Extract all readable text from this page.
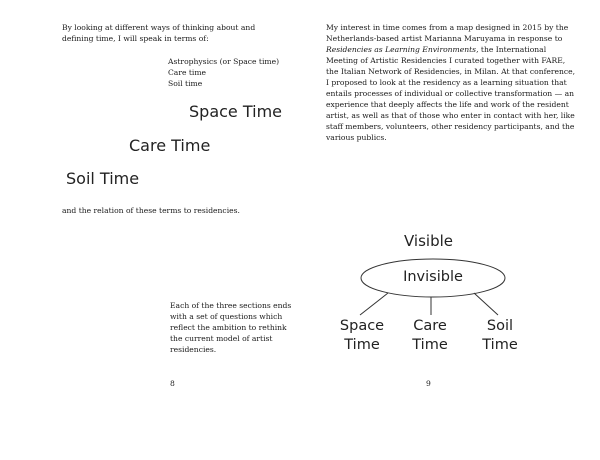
By looking at different ways of thinking about and defining time, I will speak in terms of:
Astrophysics (or Space time)
Care time
Soil time
Space Time
Care Time
Soil Time
and the relation of these terms to residencies.
Each of the three sections ends with a set of questions which reflect the ambition to rethink the current model of artist residencies.
8
My interest in time comes from a map designed in 2015 by the Netherlands-based artist Marianna Maruyama in response to Residencies as Learning Environments, the International Meeting of Artistic Residencies I curated together with FARE, the Italian Network of Residencies, in Milan. At that conference, I proposed to look at the residency as a learning situation that entails processes of individual or collective transformation — an experience that deeply affects the life and work of the resident artist, as well as that of those who enter in contact with her, like staff members, volunteers, other residency participants, and the various publics.
Visible
Invisible
Space
Time
Care
Time
Soil
Time
9
